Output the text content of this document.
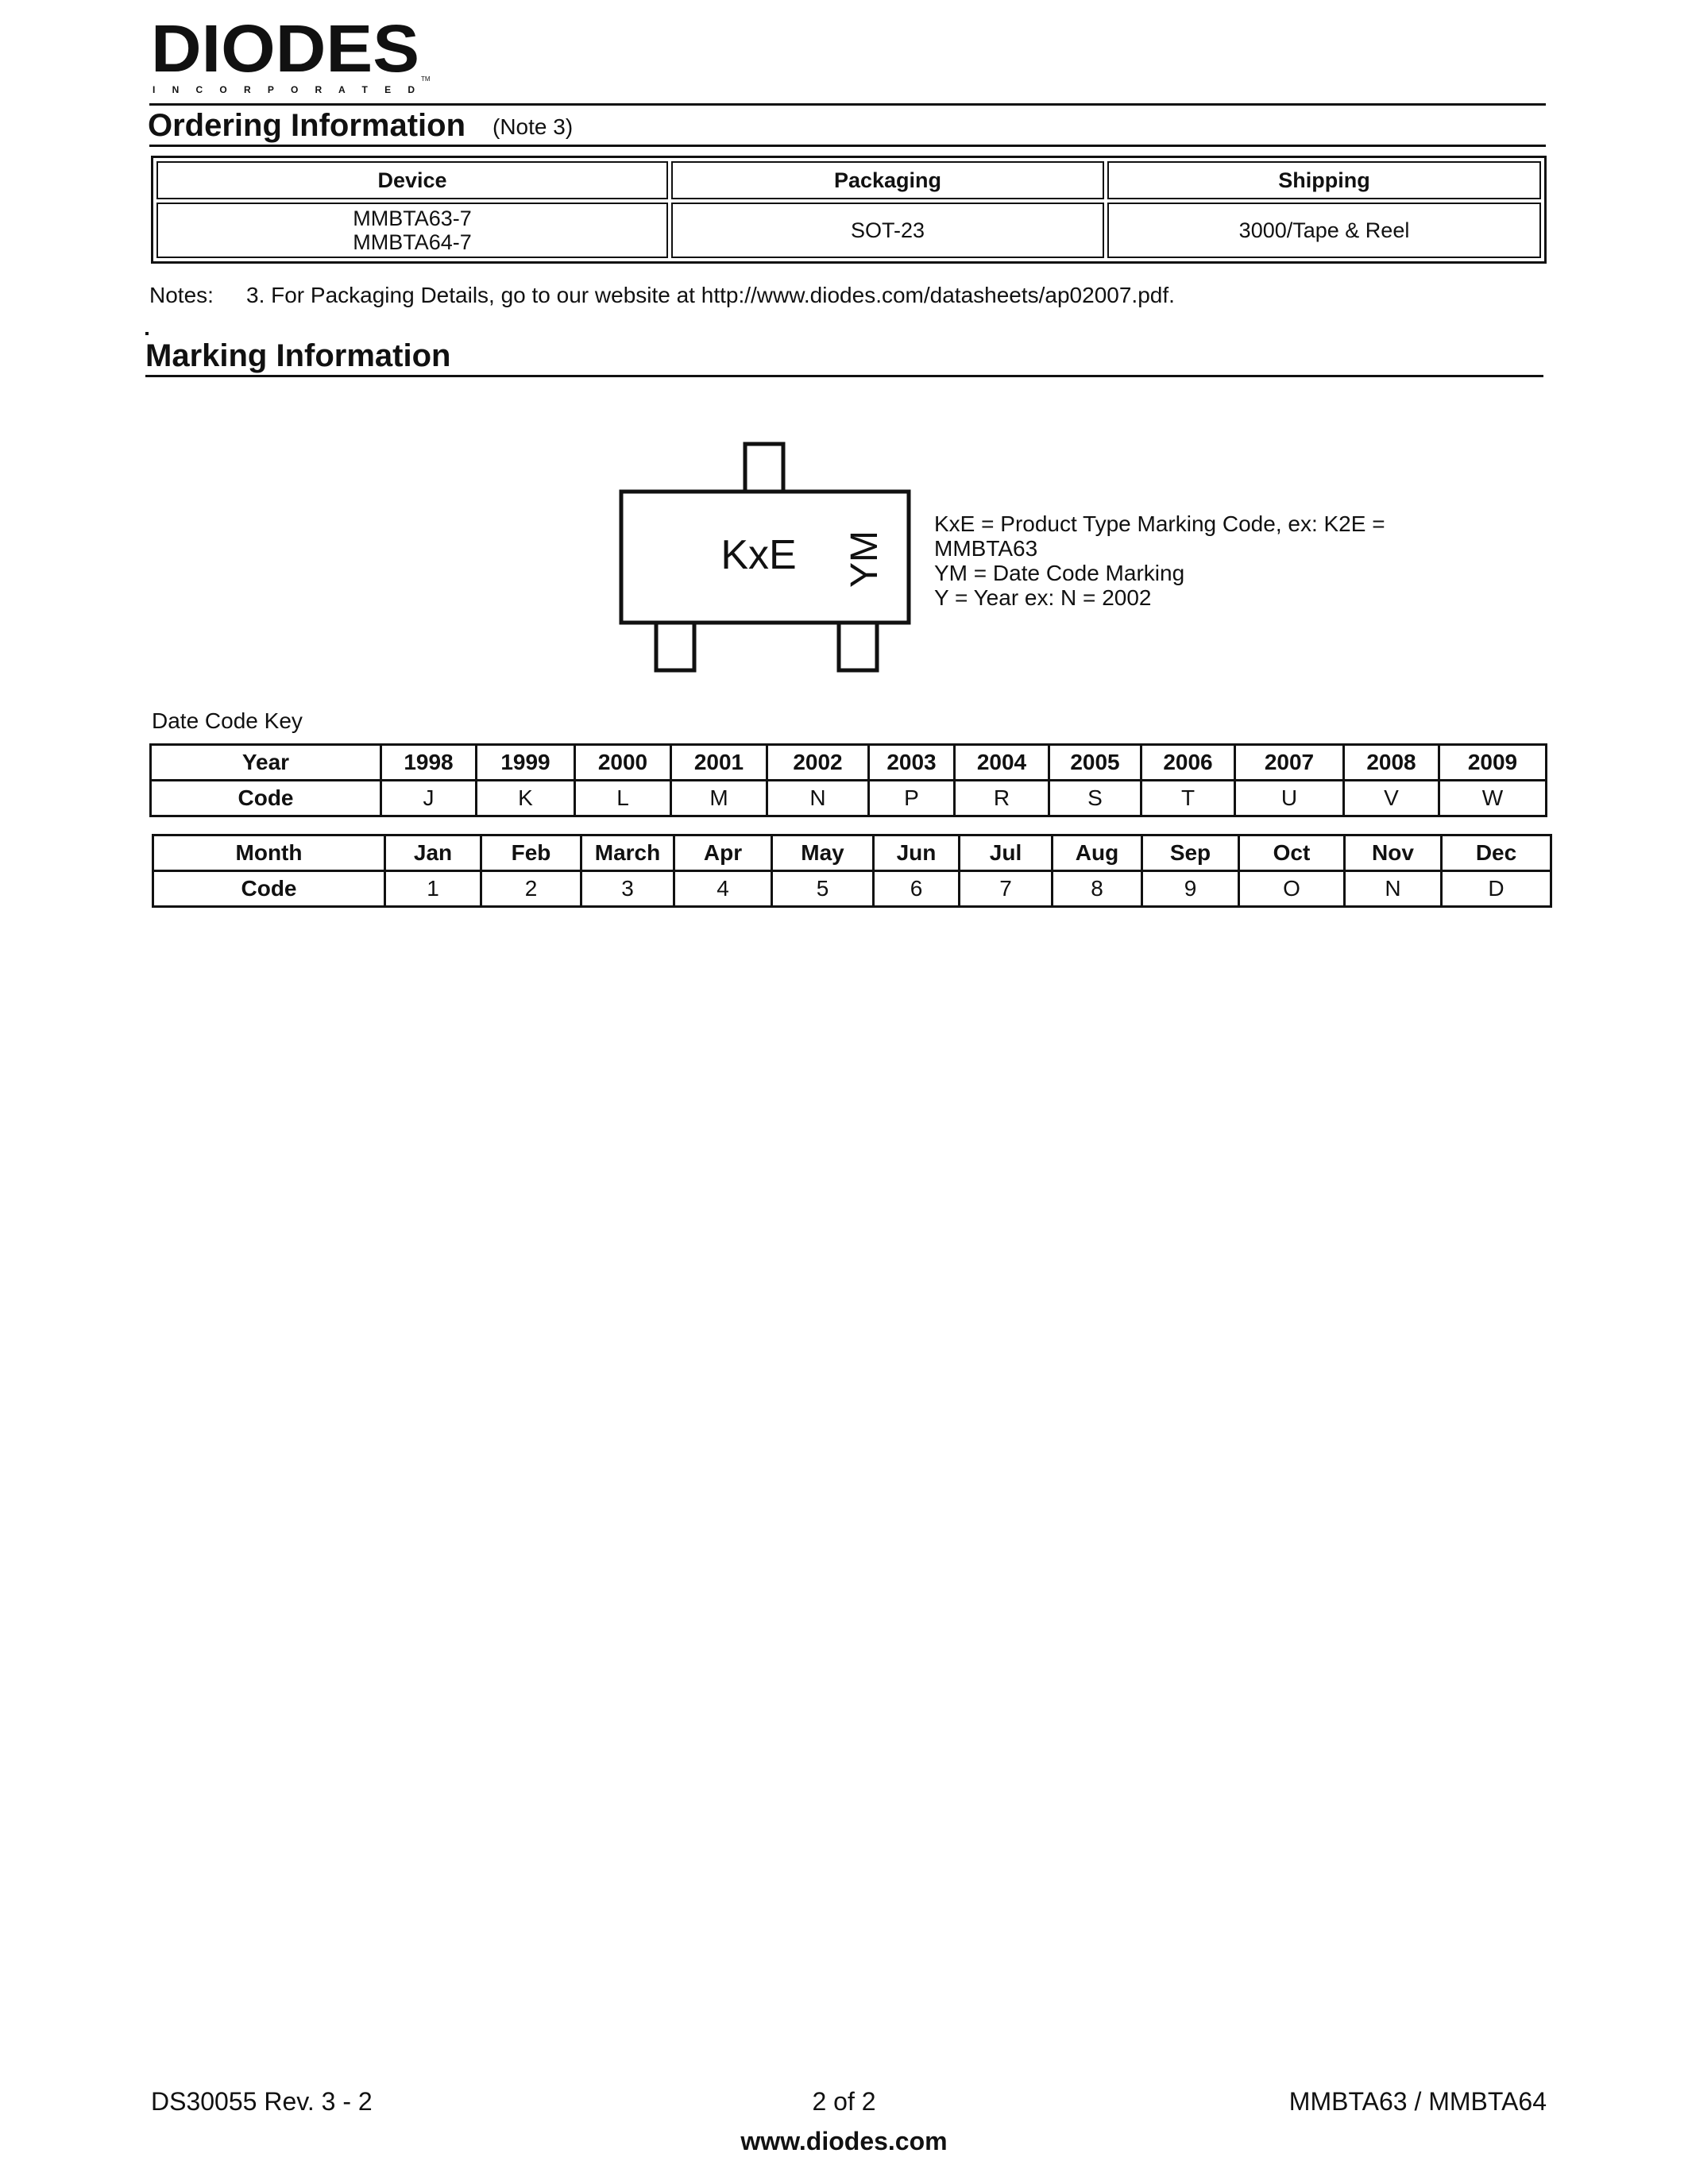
DIODES
I N C O R P O R A T E D
TM
Ordering Information (Note 3)
Device	Packaging	Shipping

MMBTA63-7
MMBTA64-7	SOT-23	3000/Tape & Reel
Notes: 3. For Packaging Details, go to our website at http://www.diodes.com/datasheets/ap02007.pdf.
Marking Information
KxE YM
KxE = Product Type Marking Code, ex: K2E =
MMBTA63
YM = Date Code Marking
Y = Year ex: N = 2002
Date Code Key
Year	1998	1999	2000	2001	2002	2003	2004	2005	2006	2007	2008	2009
Code	J	K	L	M	N	P	R	S	T	U	V	W
Month	Jan	Feb	March	Apr	May	Jun	Jul	Aug	Sep	Oct	Nov	Dec
Code	1	2	3	4	5	6	7	8	9	O	N	D
DS30055 Rev. 3 - 2	2 of 2	MMBTA63 / MMBTA64
www.diodes.com
